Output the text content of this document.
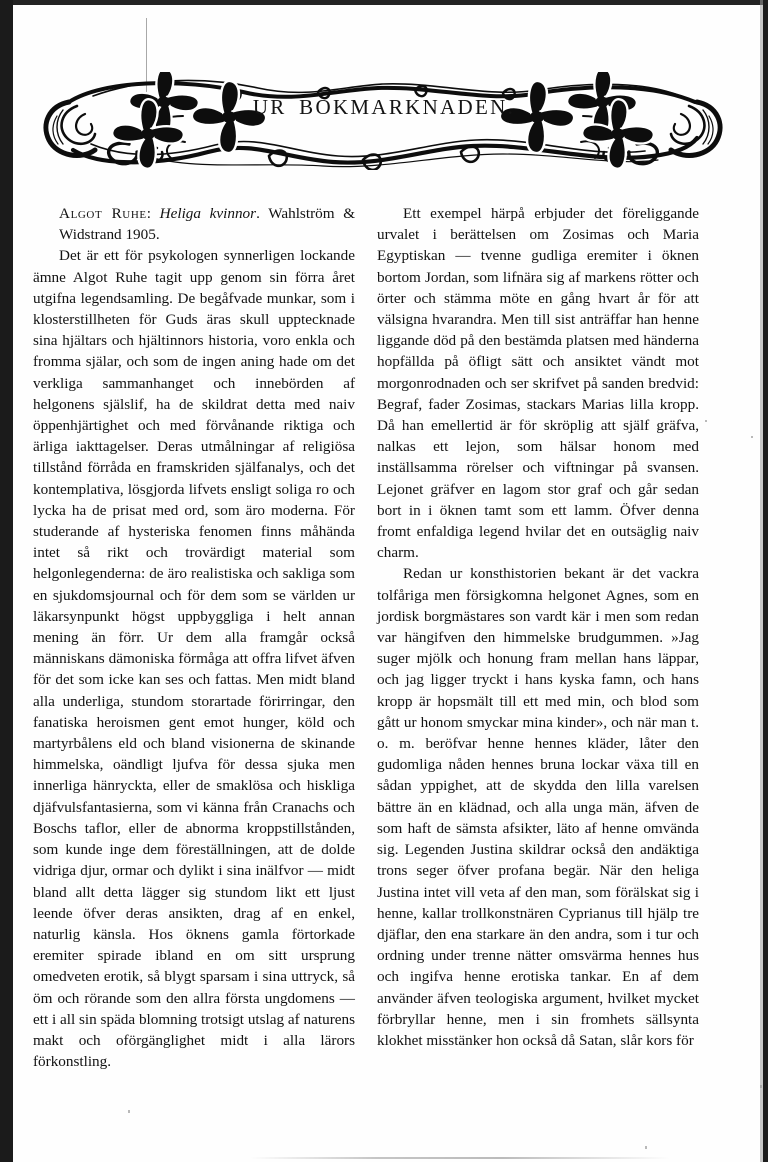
UR BOKMARKNADEN.

Algot Ruhe: Heliga kvinnor. Wahlström & Widstrand 1905.

Det är ett för psykologen synnerligen lockande ämne Algot Ruhe tagit upp genom sin förra året utgifna legendsamling. De begåfvade munkar, som i klosterstillheten för Guds äras skull upptecknade sina hjältars och hjältinnors historia, voro enkla och fromma själar, och som de ingen aning hade om det verkliga sammanhanget och innebörden af helgonens själslif, ha de skildrat detta med naiv öppenhjärtighet och med förvånande riktiga och ärliga iakttagelser. Deras utmålningar af religiösa tillstånd förråda en framskriden själfanalys, och det kontemplativa, lösgjorda lifvets ensligt soliga ro och lycka ha de prisat med ord, som äro moderna. För studerande af hysteriska fenomen finns måhända intet så rikt och trovärdigt material som helgonlegenderna: de äro realistiska och sakliga som en sjukdomsjournal och för dem som se världen ur läkarsynpunkt högst uppbyggliga i helt annan mening än förr. Ur dem alla framgår också människans dämoniska förmåga att offra lifvet äfven för det som icke kan ses och fattas. Men midt bland alla underliga, stundom storartade förirringar, den fanatiska heroismen gent emot hunger, köld och martyrbålens eld och bland visionerna de skinande himmelska, oändligt ljufva för dessa sjuka men innerliga hänryckta, eller de smaklösa och hiskliga djäfvulsfantasierna, som vi känna från Cranachs och Boschs taflor, eller de abnorma kroppstillstånden, som kunde inge dem föreställningen, att de dolde vidriga djur, ormar och dylikt i sina inälfvor — midt bland allt detta lägger sig stundom likt ett ljust leende öfver deras ansikten, drag af en enkel, naturlig känsla. Hos öknens gamla förtorkade eremiter spirade ibland en om sitt ursprung omedveten erotik, så blygt sparsam i sina uttryck, så öm och rörande som den allra första ungdomens — ett i all sin späda blomning trotsigt utslag af naturens makt och oförgänglighet midt i alla lärors förkonstling.

Ett exempel härpå erbjuder det föreliggande urvalet i berättelsen om Zosimas och Maria Egyptiskan — tvenne gudliga eremiter i öknen bortom Jordan, som lifnära sig af markens rötter och örter och stämma möte en gång hvart år för att välsigna hvarandra. Men till sist anträffar han henne liggande död på den bestämda platsen med händerna hopfällda på öfligt sätt och ansiktet vändt mot morgonrodnaden och ser skrifvet på sanden bredvid: Begraf, fader Zosimas, stackars Marias lilla kropp. Då han emellertid är för skröplig att själf gräfva, nalkas ett lejon, som hälsar honom med inställsamma rörelser och viftningar på svansen. Lejonet gräfver en lagom stor graf och går sedan bort in i öknen tamt som ett lamm. Öfver denna fromt enfaldiga legend hvilar det en outsäglig naiv charm.

Redan ur konsthistorien bekant är det vackra tolfåriga men försigkomna helgonet Agnes, som en jordisk borgmästares son vardt kär i men som redan var hängifven den himmelske brudgummen. »Jag suger mjölk och honung fram mellan hans läppar, och jag ligger tryckt i hans kyska famn, och hans kropp är hopsmält till ett med min, och blod som gått ur honom smyckar mina kinder», och när man t. o. m. beröfvar henne hennes kläder, låter den gudomliga nåden hennes bruna lockar växa till en sådan yppighet, att de skydda den lilla varelsen bättre än en klädnad, och alla unga män, äfven de som haft de sämsta afsikter, läto af henne omvända sig. Legenden Justina skildrar också den andäktiga trons seger öfver profana begär. När den heliga Justina intet vill veta af den man, som förälskat sig i henne, kallar trollkonstnären Cyprianus till hjälp tre djäflar, den ena starkare än den andra, som i tur och ordning under trenne nätter omsvärma hennes hus och ingifva henne erotiska tankar. En af dem använder äfven teologiska argument, hvilket mycket förbryllar henne, men i sin fromhets sällsynta klokhet misstänker hon också då Satan, slår kors för
